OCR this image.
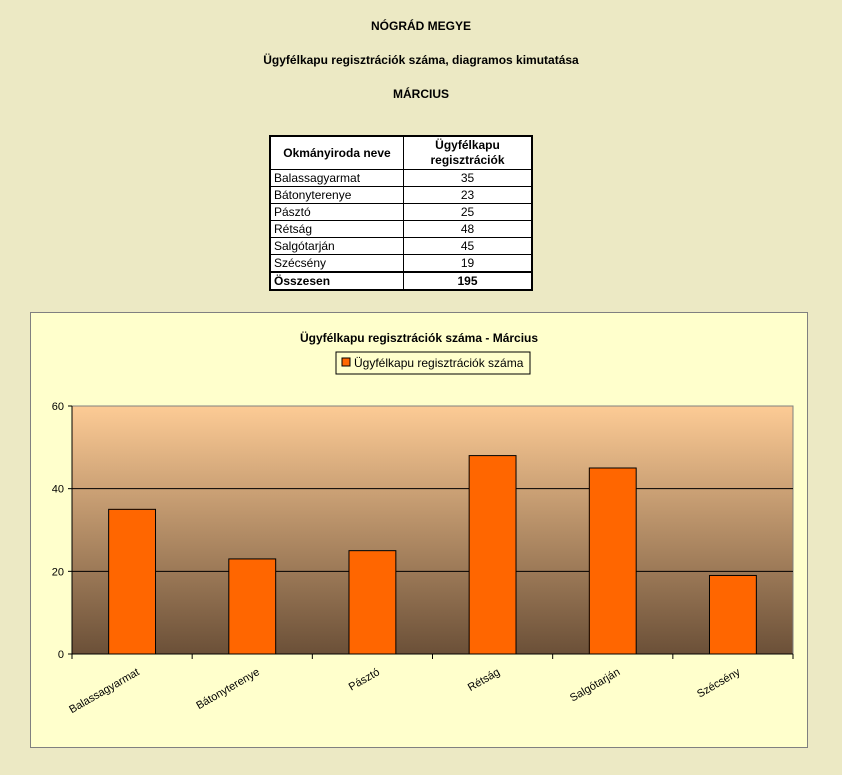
NÓGRÁD MEGYE
Ügyfélkapu regisztrációk száma, diagramos kimutatása
MÁRCIUS
Okmányiroda neve	Ügyfélkapu regisztrációk
Balassagyarmat	35
Bátonyterenye	23
Pásztó	25
Rétság	48
Salgótarján	45
Szécsény	19
Összesen	195
Ügyfélkapu regisztrációk száma - Március
Ügyfélkapu regisztrációk száma
0
20
40
60
Balassagyarmat	Bátonyterenye	Pásztó	Rétság	Salgótarján	Szécsény
